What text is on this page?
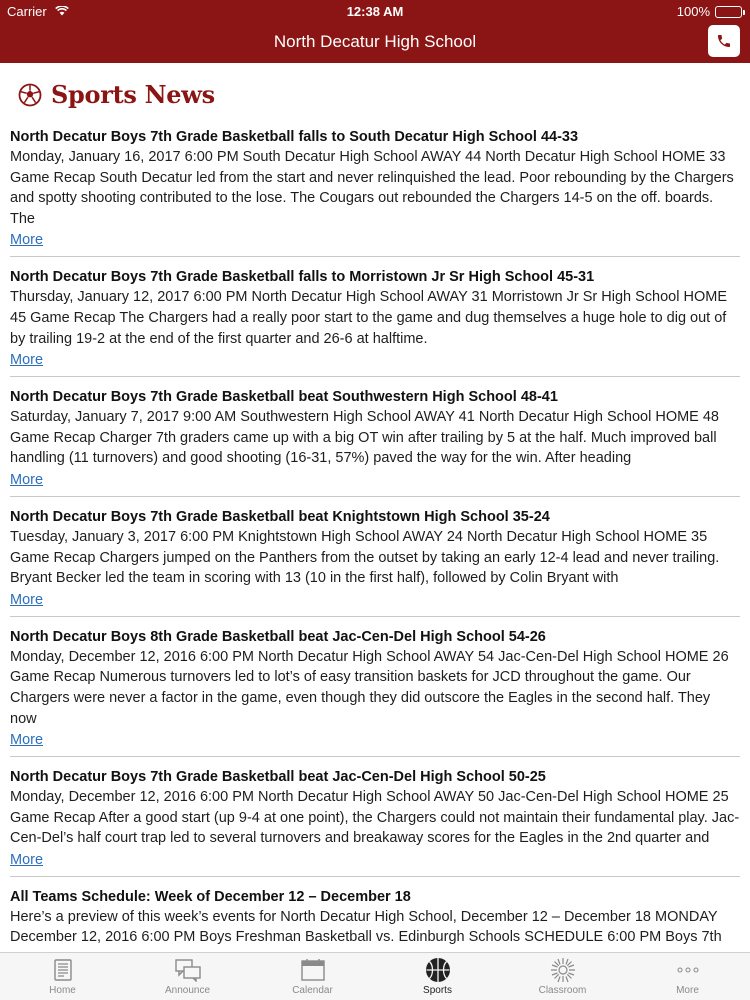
Carrier	12:38 AM	100%
North Decatur High School
Sports News
North Decatur Boys 7th Grade Basketball falls to South Decatur High School 44-33
Monday, January 16, 2017 6:00 PM South Decatur High School AWAY 44 North Decatur High School HOME 33 Game Recap South Decatur led from the start and never relinquished the lead. Poor rebounding by the Chargers and spotty shooting contributed to the lose. The Cougars out rebounded the Chargers 14-5 on the off. boards. The
More
North Decatur Boys 7th Grade Basketball falls to Morristown Jr Sr High School 45-31
Thursday, January 12, 2017 6:00 PM North Decatur High School AWAY 31 Morristown Jr Sr High School HOME 45 Game Recap The Chargers had a really poor start to the game and dug themselves a huge hole to dig out of by trailing 19-2 at the end of the first quarter and 26-6 at halftime.
More
North Decatur Boys 7th Grade Basketball beat Southwestern High School 48-41
Saturday, January 7, 2017 9:00 AM Southwestern High School AWAY 41 North Decatur High School HOME 48 Game Recap Charger 7th graders came up with a big OT win after trailing by 5 at the half. Much improved ball handling (11 turnovers) and good shooting (16-31, 57%) paved the way for the win. After heading
More
North Decatur Boys 7th Grade Basketball beat Knightstown High School 35-24
Tuesday, January 3, 2017 6:00 PM Knightstown High School AWAY 24 North Decatur High School HOME 35 Game Recap Chargers jumped on the Panthers from the outset by taking an early 12-4 lead and never trailing. Bryant Becker led the team in scoring with 13 (10 in the first half), followed by Colin Bryant with
More
North Decatur Boys 8th Grade Basketball beat Jac-Cen-Del High School 54-26
Monday, December 12, 2016 6:00 PM North Decatur High School AWAY 54 Jac-Cen-Del High School HOME 26 Game Recap Numerous turnovers led to lot’s of easy transition baskets for JCD throughout the game. Our Chargers were never a factor in the game, even though they did outscore the Eagles in the second half. They now
More
North Decatur Boys 7th Grade Basketball beat Jac-Cen-Del High School 50-25
Monday, December 12, 2016 6:00 PM North Decatur High School AWAY 50 Jac-Cen-Del High School HOME 25 Game Recap After a good start (up 9-4 at one point), the Chargers could not maintain their fundamental play. Jac-Cen-Del’s half court trap led to several turnovers and breakaway scores for the Eagles in the 2nd quarter and
More
All Teams Schedule: Week of December 12 – December 18
Here’s a preview of this week’s events for North Decatur High School, December 12 – December 18 MONDAY December 12, 2016 6:00 PM Boys Freshman Basketball vs. Edinburgh Schools SCHEDULE 6:00 PM Boys 7th
Home	Announce	Calendar	Sports	Classroom	More
